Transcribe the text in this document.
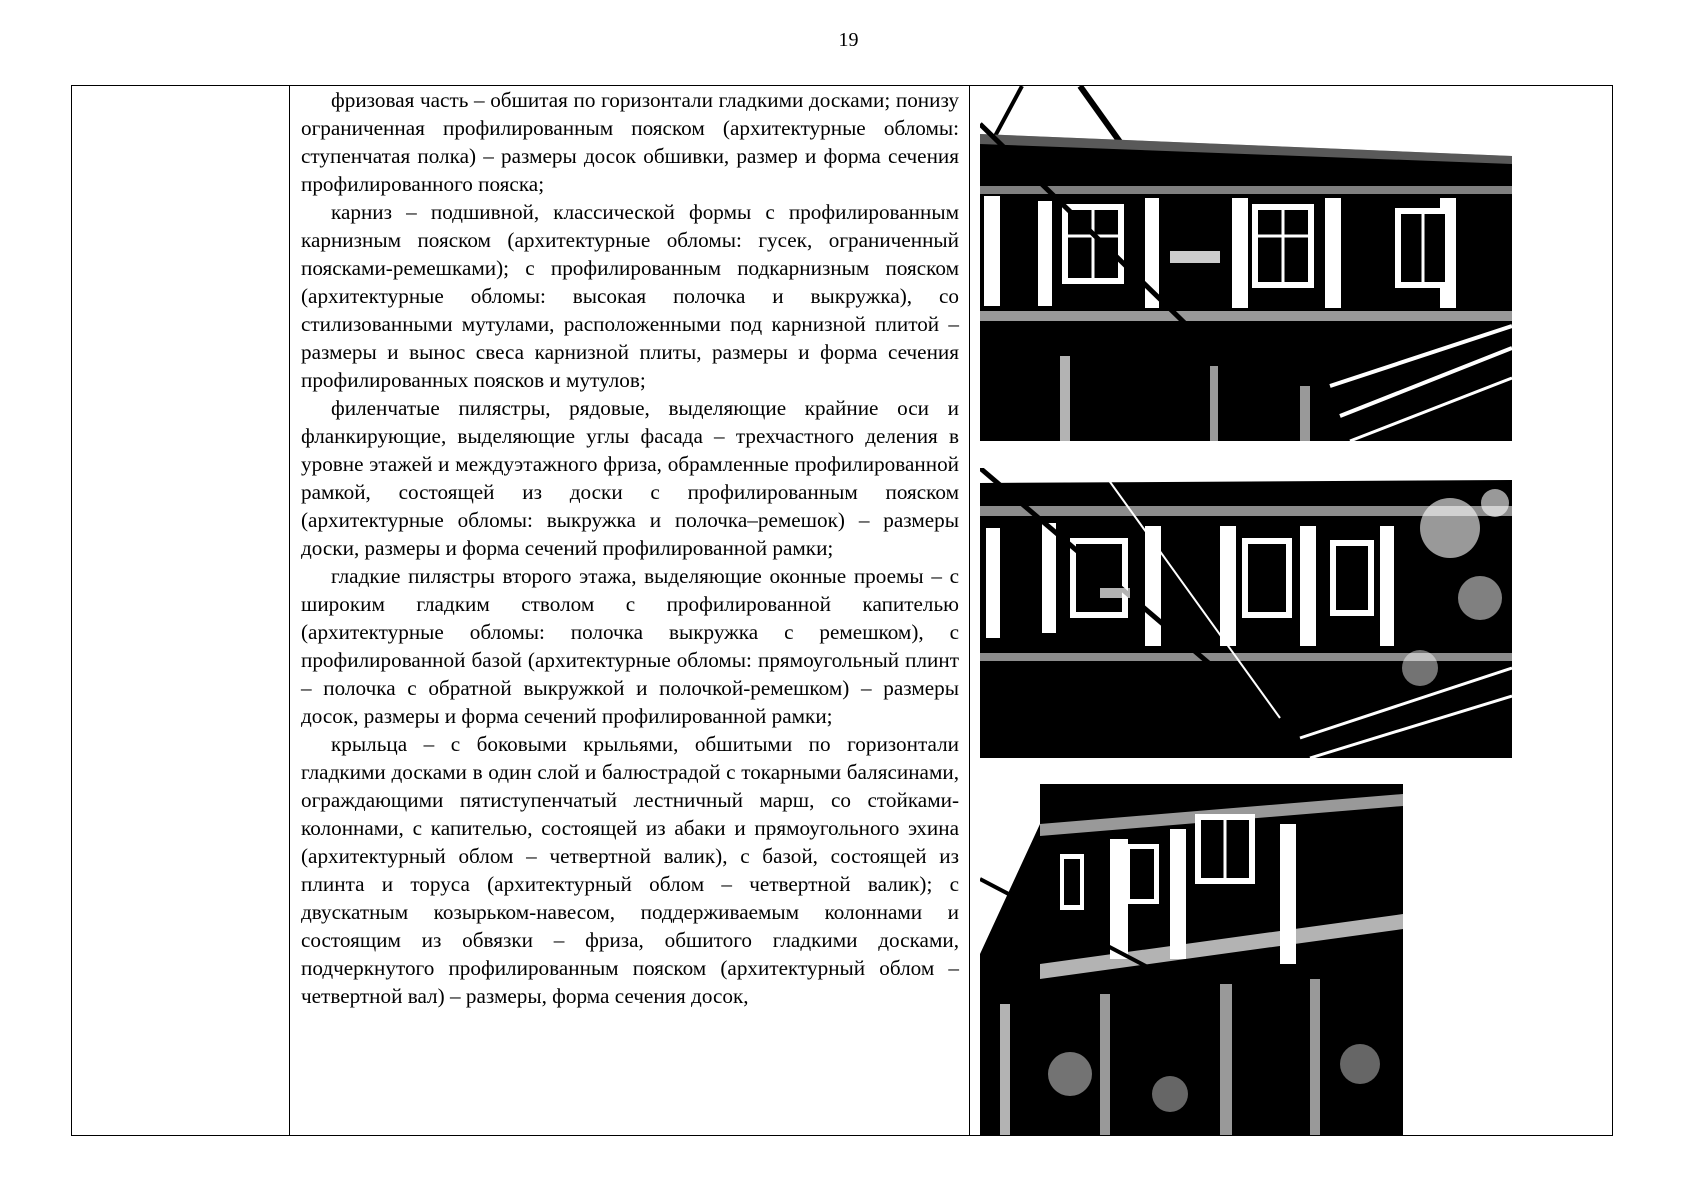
19

фризовая часть – обшитая по горизонтали гладкими досками; понизу ограниченная профилированным пояском (архитектурные обломы: ступенчатая полка) – размеры досок обшивки, размер и форма сечения профилированного пояска;

карниз – подшивной, классической формы с профилированным карнизным пояском (архитектурные обломы: гусек, ограниченный поясками-ремешками); с профилированным подкарнизным пояском (архитектурные обломы: высокая полочка и выкружка), со стилизованными мутулами, расположенными под карнизной плитой – размеры и вынос свеса карнизной плиты, размеры и форма сечения профилированных поясков и мутулов;

филенчатые пилястры, рядовые, выделяющие крайние оси и фланкирующие, выделяющие углы фасада – трехчастного деления в уровне этажей и междуэтажного фриза, обрамленные профилированной рамкой, состоящей из доски с профилированным пояском (архитектурные обломы: выкружка и полочка–ремешок) – размеры доски, размеры и форма сечений профилированной рамки;

гладкие пилястры второго этажа, выделяющие оконные проемы – с широким гладким стволом с профилированной капителью (архитектурные обломы: полочка выкружка с ремешком), с профилированной базой (архитектурные обломы: прямоугольный плинт – полочка с обратной выкружкой и полочкой-ремешком) – размеры досок, размеры и форма сечений профилированной рамки;

крыльца – с боковыми крыльями, обшитыми по горизонтали гладкими досками в один слой и балюстрадой с токарными балясинами, ограждающими пятиступенчатый лестничный марш, со стойками-колоннами, с капителью, состоящей из абаки и прямоугольного эхина (архитектурный облом – четвертной валик), с базой, состоящей из плинта и торуса (архитектурный облом – четвертной валик); с двускатным козырьком-навесом, поддерживаемым колоннами и состоящим из обвязки – фриза, обшитого гладкими досками, подчеркнутого профилированным пояском (архитектурный облом – четвертной вал) – размеры, форма сечения досок,
